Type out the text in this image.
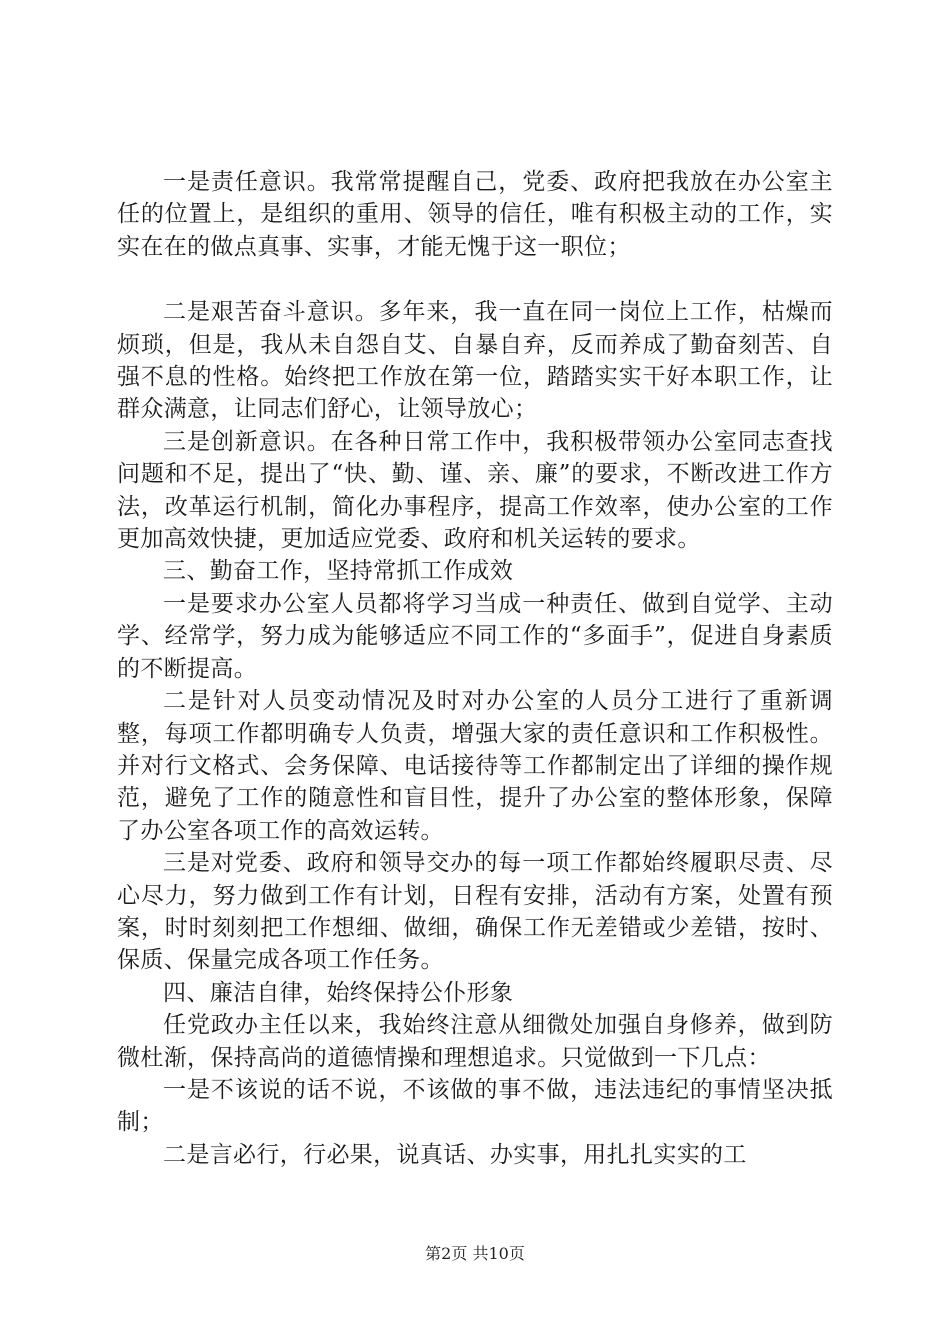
一是责任意识。我常常提醒自己，党委、政府把我放在办公室主任的位置上，是组织的重用、领导的信任，唯有积极主动的工作，实实在在的做点真事、实事，才能无愧于这一职位；

二是艰苦奋斗意识。多年来，我一直在同一岗位上工作，枯燥而烦琐，但是，我从未自怨自艾、自暴自弃，反而养成了勤奋刻苦、自强不息的性格。始终把工作放在第一位，踏踏实实干好本职工作，让群众满意，让同志们舒心，让领导放心；

三是创新意识。在各种日常工作中，我积极带领办公室同志查找问题和不足，提出了“快、勤、谨、亲、廉”的要求，不断改进工作方法，改革运行机制，简化办事程序，提高工作效率，使办公室的工作更加高效快捷，更加适应党委、政府和机关运转的要求。

三、勤奋工作，坚持常抓工作成效

一是要求办公室人员都将学习当成一种责任、做到自觉学、主动学、经常学，努力成为能够适应不同工作的“多面手”，促进自身素质的不断提高。

二是针对人员变动情况及时对办公室的人员分工进行了重新调整，每项工作都明确专人负责，增强大家的责任意识和工作积极性。并对行文格式、会务保障、电话接待等工作都制定出了详细的操作规范，避免了工作的随意性和盲目性，提升了办公室的整体形象，保障了办公室各项工作的高效运转。

三是对党委、政府和领导交办的每一项工作都始终履职尽责、尽心尽力，努力做到工作有计划，日程有安排，活动有方案，处置有预案，时时刻刻把工作想细、做细，确保工作无差错或少差错，按时、保质、保量完成各项工作任务。

四、廉洁自律，始终保持公仆形象

任党政办主任以来，我始终注意从细微处加强自身修养，做到防微杜渐，保持高尚的道德情操和理想追求。只觉做到一下几点：

一是不该说的话不说，不该做的事不做，违法违纪的事情坚决抵制；

二是言必行，行必果，说真话、办实事，用扎扎实实的工

第2页 共10页
